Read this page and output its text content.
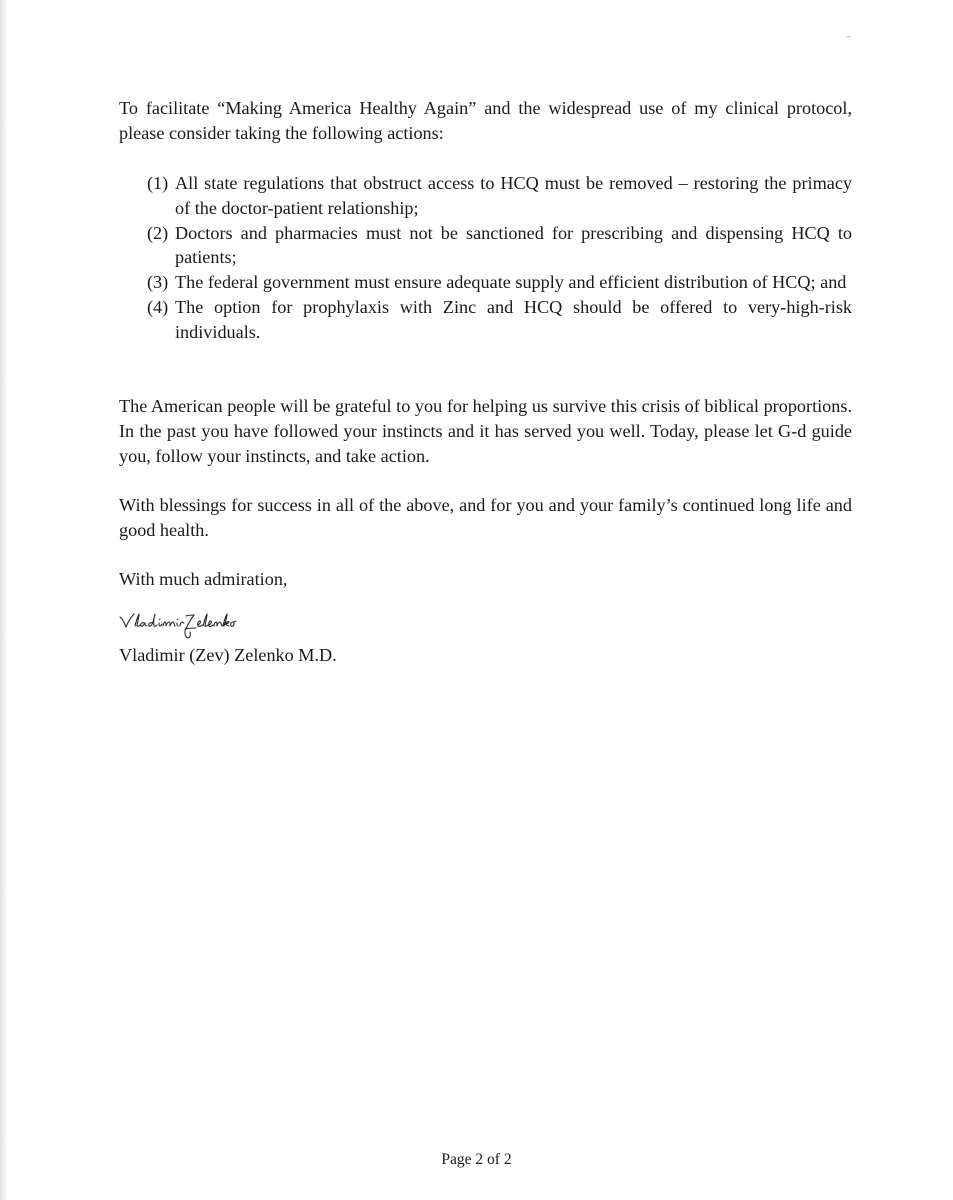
To facilitate “Making America Healthy Again” and the widespread use of my clinical protocol, please consider taking the following actions:

(1) All state regulations that obstruct access to HCQ must be removed – restoring the primacy of the doctor-patient relationship;
(2) Doctors and pharmacies must not be sanctioned for prescribing and dispensing HCQ to patients;
(3) The federal government must ensure adequate supply and efficient distribution of HCQ; and
(4) The option for prophylaxis with Zinc and HCQ should be offered to very-high-risk individuals.

The American people will be grateful to you for helping us survive this crisis of biblical proportions. In the past you have followed your instincts and it has served you well. Today, please let G-d guide you, follow your instincts, and take action.

With blessings for success in all of the above, and for you and your family’s continued long life and good health.

With much admiration,

Vladimir (Zev) Zelenko M.D.

Page 2 of 2
